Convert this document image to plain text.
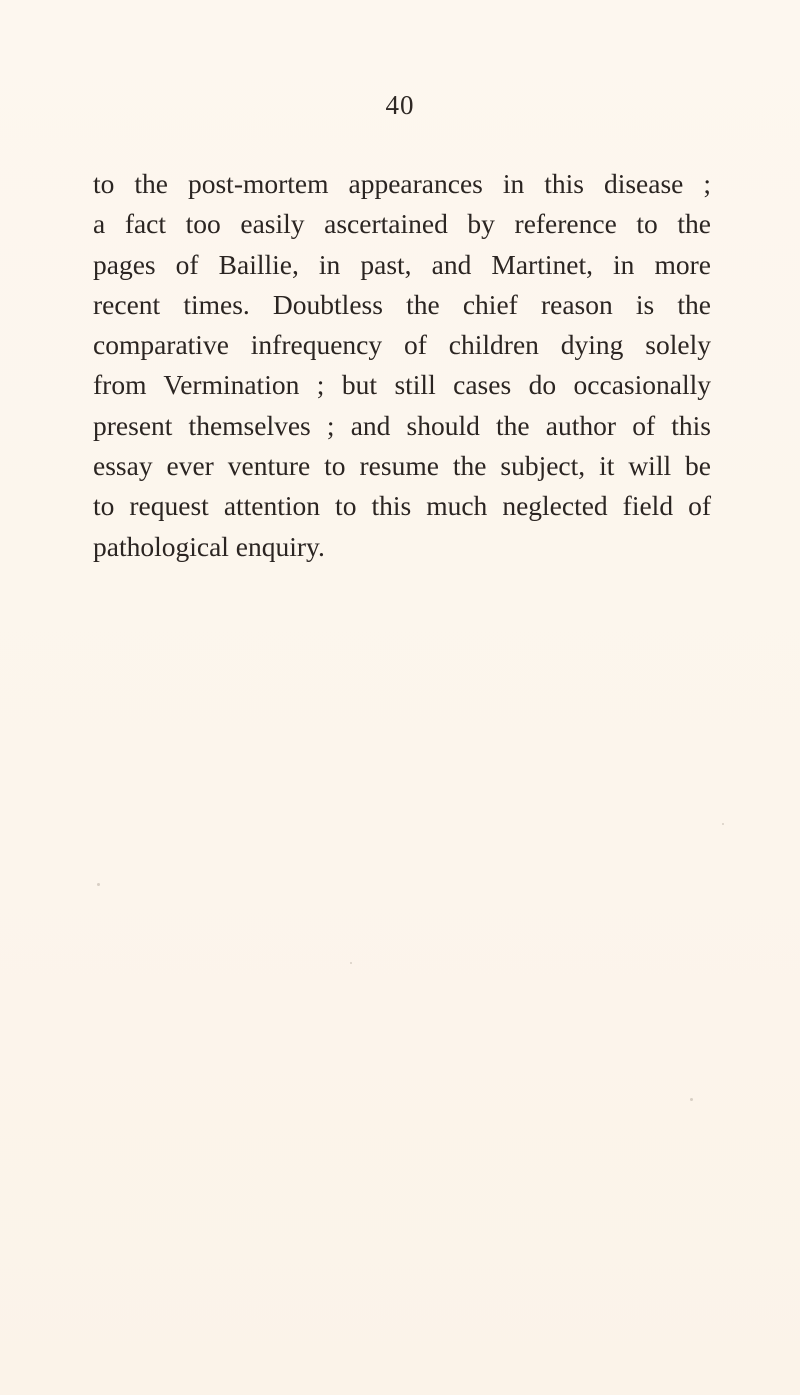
40
to the post-mortem appearances in this disease ;
a fact too easily ascertained by reference to the
pages of Baillie, in past, and Martinet, in more
recent times. Doubtless the chief reason is the
comparative infrequency of children dying solely
from Vermination ; but still cases do occasionally
present themselves ; and should the author of this
essay ever venture to resume the subject, it will be
to request attention to this much neglected field of
pathological enquiry.
